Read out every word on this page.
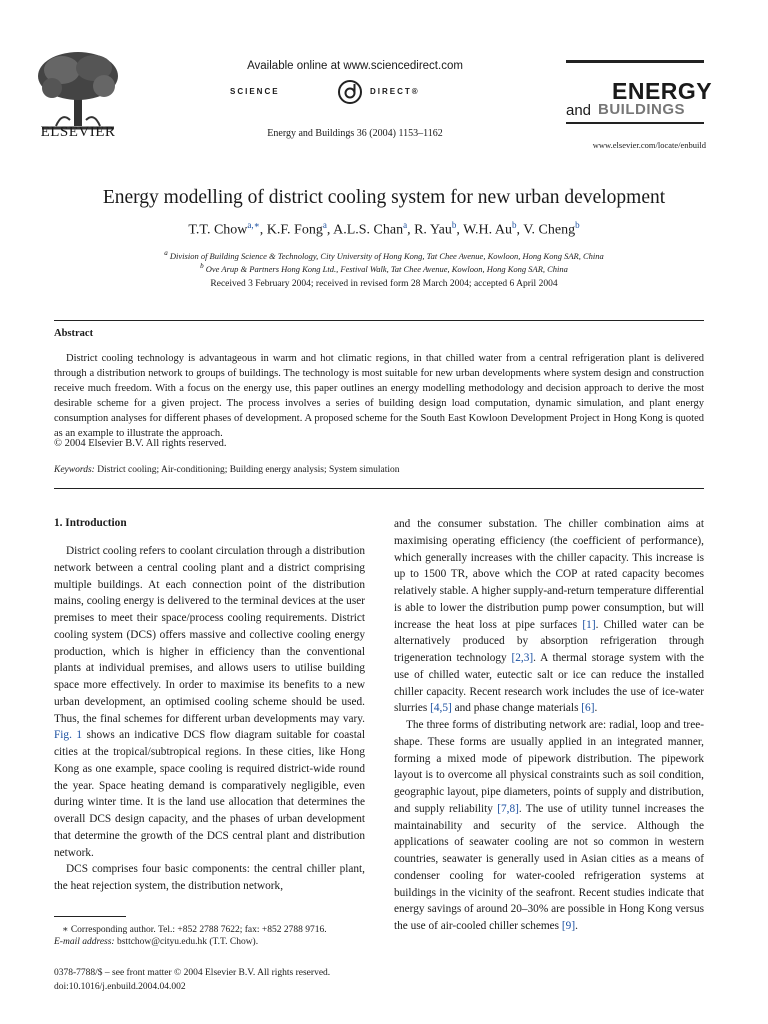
ELSEVIER
Available online at www.sciencedirect.com
SCIENCE	DIRECT®
Energy and Buildings 36 (2004) 1153–1162
ENERGY
and BUILDINGS
www.elsevier.com/locate/enbuild
Energy modelling of district cooling system for new urban development
T.T. Chow$^{a,∗}$, K.F. Fong$^a$, A.L.S. Chan$^a$, R. Yau$^b$, W.H. Au$^b$, V. Cheng$^b$
$^a$ Division of Building Science & Technology, City University of Hong Kong, Tat Chee Avenue, Kowloon, Hong Kong SAR, China
$^b$ Ove Arup & Partners Hong Kong Ltd., Festival Walk, Tat Chee Avenue, Kowloon, Hong Kong SAR, China
Received 3 February 2004; received in revised form 28 March 2004; accepted 6 April 2004
Abstract

District cooling technology is advantageous in warm and hot climatic regions, in that chilled water from a central refrigeration plant is delivered through a distribution network to groups of buildings. The technology is most suitable for new urban developments where system design and construction receive much freedom. With a focus on the energy use, this paper outlines an energy modelling methodology and decision approach to derive the most desirable scheme for a given project. The process involves a series of building design load computation, dynamic simulation, and plant energy consumption analyses for different phases of development. A proposed scheme for the South East Kowloon Development Project in Hong Kong is quoted as an example to illustrate the approach.

© 2004 Elsevier B.V. All rights reserved.
Keywords: District cooling; Air-conditioning; Building energy analysis; System simulation
1. Introduction

District cooling refers to coolant circulation through a distribution network between a central cooling plant and a district comprising multiple buildings. At each connection point of the distribution mains, cooling energy is delivered to the terminal devices at the user premises to meet their space/process cooling requirements. District cooling system (DCS) offers massive and collective cooling energy production, which is higher in efficiency than the conventional plants at individual premises, and allows users to utilise building space more effectively. In order to maximise its benefits to a new urban development, an optimised cooling scheme should be used. Thus, the final schemes for different urban developments may vary. Fig. 1 shows an indicative DCS flow diagram suitable for coastal cities at the tropical/subtropical regions. In these cities, like Hong Kong as one example, space cooling is required district-wide round the year. Space heating demand is comparatively negligible, even during winter time. It is the land use allocation that determines the overall DCS design capacity, and the phases of urban development that determine the growth of the DCS central plant and distribution network.

DCS comprises four basic components: the central chiller plant, the heat rejection system, the distribution network,

and the consumer substation. The chiller combination aims at maximising operating efficiency (the coefficient of performance), which generally increases with the chiller capacity. This increase is up to 1500 TR, above which the COP at rated capacity becomes relatively stable. A higher supply-and-return temperature differential is able to lower the distribution pump power consumption, but will increase the heat loss at pipe surfaces [1]. Chilled water can be alternatively produced by absorption refrigeration through trigeneration technology [2,3]. A thermal storage system with the use of chilled water, eutectic salt or ice can reduce the installed chiller capacity. Recent research work includes the use of ice-water slurries [4,5] and phase change materials [6].

The three forms of distributing network are: radial, loop and tree-shape. These forms are usually applied in an integrated manner, forming a mixed mode of pipework distribution. The pipework layout is to overcome all physical constraints such as soil condition, geographic layout, pipe diameters, points of supply and distribution, and supply reliability [7,8]. The use of utility tunnel increases the maintainability and security of the service. Although the applications of seawater cooling are not so common in western countries, seawater is generally used in Asian cities as a means of condenser cooling for water-cooled refrigeration systems at buildings in the vicinity of the seafront. Recent studies indicate that energy savings of around 20–30% are possible in Hong Kong versus the use of air-cooled chiller schemes [9].

∗ Corresponding author. Tel.: +852 2788 7622; fax: +852 2788 9716.
E-mail address: bsttchow@cityu.edu.hk (T.T. Chow).
0378-7788/$ – see front matter © 2004 Elsevier B.V. All rights reserved.
doi:10.1016/j.enbuild.2004.04.002
